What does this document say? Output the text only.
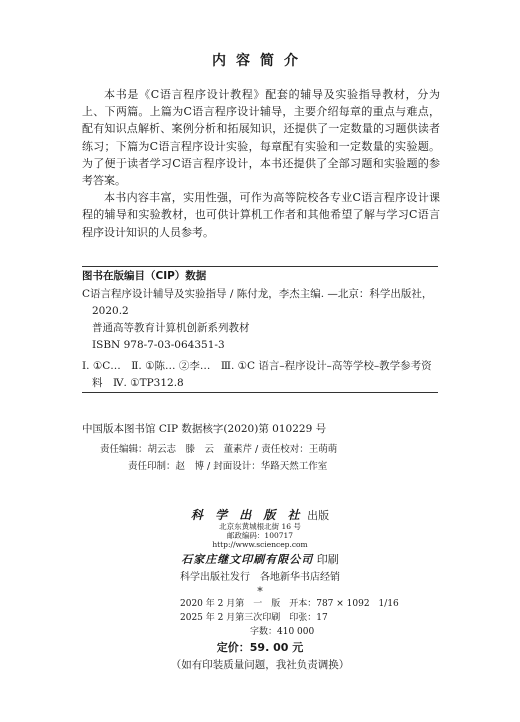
内容简介

本书是《C语言程序设计教程》配套的辅导及实验指导教材，分为上、下两篇。上篇为C语言程序设计辅导，主要介绍每章的重点与难点，配有知识点解析、案例分析和拓展知识，还提供了一定数量的习题供读者练习；下篇为C语言程序设计实验，每章配有实验和一定数量的实验题。为了便于读者学习C语言程序设计，本书还提供了全部习题和实验题的参考答案。

本书内容丰富，实用性强，可作为高等院校各专业C语言程序设计课程的辅导和实验教材，也可供计算机工作者和其他希望了解与学习C语言程序设计知识的人员参考。

图书在版编目（CIP）数据

C语言程序设计辅导及实验指导 / 陈付龙，李杰主编. —北京：科学出版社，2020.2

普通高等教育计算机创新系列教材

ISBN 978-7-03-064351-3

Ⅰ. ①C…　Ⅱ. ①陈… ②李…　Ⅲ. ①C 语言–程序设计–高等学校–教学参考资料　Ⅳ. ①TP312.8

中国版本图书馆 CIP 数据核字(2020)第 010229 号
责任编辑：胡云志　滕　云　董素芹 / 责任校对：王萌萌
责任印制：赵　博 / 封面设计：华路天然工作室
科 学 出 版 社 出版
北京东黄城根北街 16 号
邮政编码：100717
http://www.sciencep.com
石家庄继文印刷有限公司 印刷
科学出版社发行　各地新华书店经销
*
2020 年 2 月第　一　版　开本：787 × 1092　1/16
2025 年 2 月第三次印刷　印张：17
字数：410 000
定价：59. 00 元
（如有印装质量问题，我社负责调换）
